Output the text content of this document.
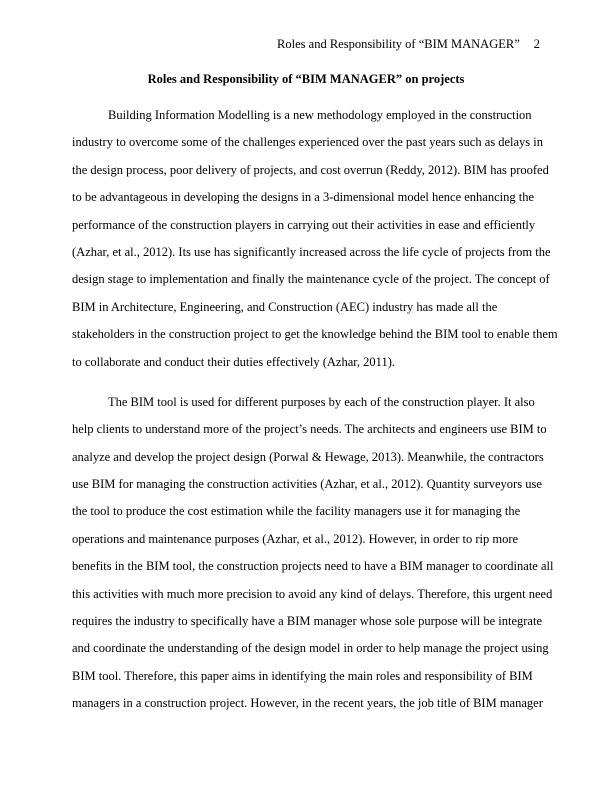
Roles and Responsibility of “BIM MANAGER” 2
Roles and Responsibility of “BIM MANAGER” on projects
Building Information Modelling is a new methodology employed in the construction
industry to overcome some of the challenges experienced over the past years such as delays in
the design process, poor delivery of projects, and cost overrun (Reddy, 2012). BIM has proofed
to be advantageous in developing the designs in a 3-dimensional model hence enhancing the
performance of the construction players in carrying out their activities in ease and efficiently
(Azhar, et al., 2012). Its use has significantly increased across the life cycle of projects from the
design stage to implementation and finally the maintenance cycle of the project. The concept of
BIM in Architecture, Engineering, and Construction (AEC) industry has made all the
stakeholders in the construction project to get the knowledge behind the BIM tool to enable them
to collaborate and conduct their duties effectively (Azhar, 2011).
The BIM tool is used for different purposes by each of the construction player. It also
help clients to understand more of the project’s needs. The architects and engineers use BIM to
analyze and develop the project design (Porwal & Hewage, 2013). Meanwhile, the contractors
use BIM for managing the construction activities (Azhar, et al., 2012). Quantity surveyors use
the tool to produce the cost estimation while the facility managers use it for managing the
operations and maintenance purposes (Azhar, et al., 2012). However, in order to rip more
benefits in the BIM tool, the construction projects need to have a BIM manager to coordinate all
this activities with much more precision to avoid any kind of delays. Therefore, this urgent need
requires the industry to specifically have a BIM manager whose sole purpose will be integrate
and coordinate the understanding of the design model in order to help manage the project using
BIM tool. Therefore, this paper aims in identifying the main roles and responsibility of BIM
managers in a construction project. However, in the recent years, the job title of BIM manager
